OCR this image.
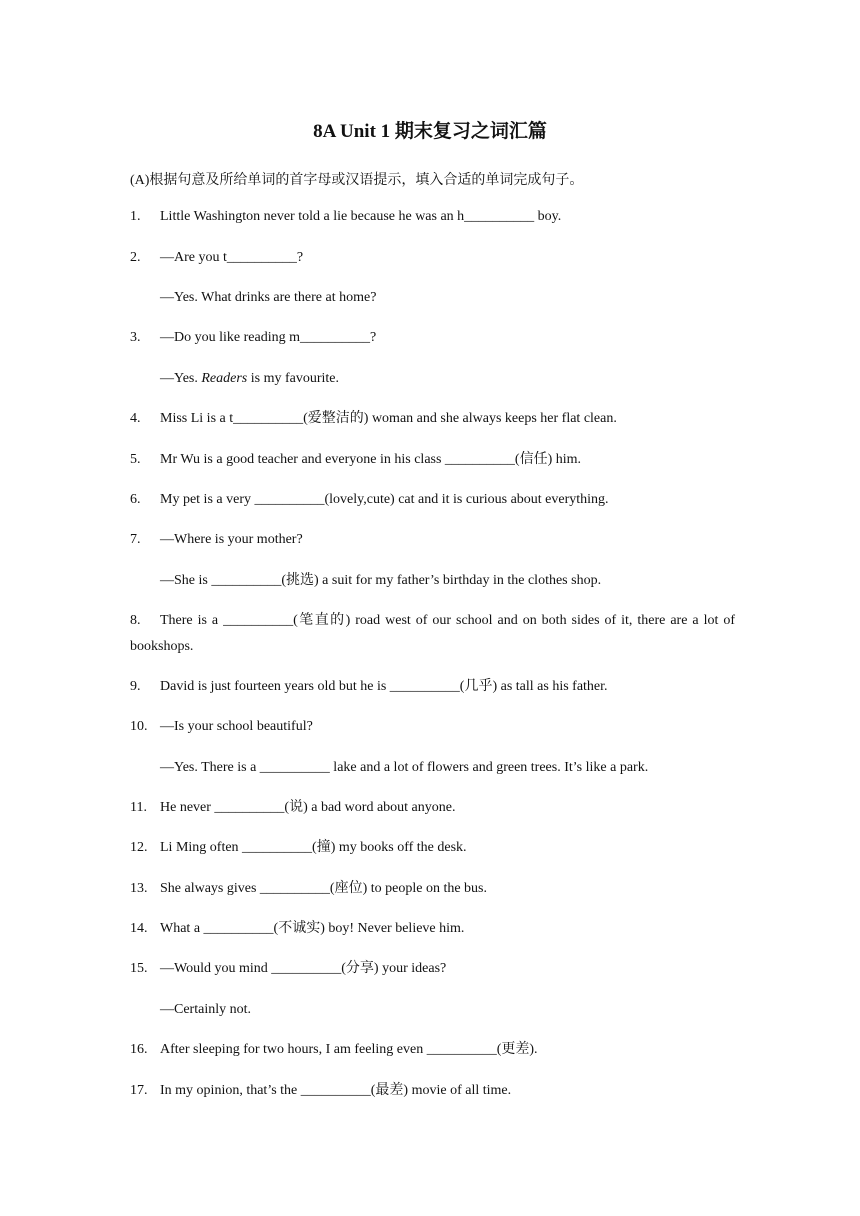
8A Unit 1 期末复习之词汇篇
(A)根据句意及所给单词的首字母或汉语提示，填入合适的单词完成句子。
1. Little Washington never told a lie because he was an h__________ boy.
2. —Are you t__________?
—Yes. What drinks are there at home?
3. —Do you like reading m__________?
—Yes. Readers is my favourite.
4. Miss Li is a t__________(爱整洁的) woman and she always keeps her flat clean.
5. Mr Wu is a good teacher and everyone in his class __________(信任) him.
6. My pet is a very __________(lovely,cute) cat and it is curious about everything.
7. —Where is your mother?
—She is __________(挑选) a suit for my father’s birthday in the clothes shop.
8. There is a __________(笔直的) road west of our school and on both sides of it, there are a lot of bookshops.
9. David is just fourteen years old but he is __________(几乎) as tall as his father.
10. —Is your school beautiful?
—Yes. There is a __________ lake and a lot of flowers and green trees. It’s like a park.
11. He never __________(说) a bad word about anyone.
12. Li Ming often __________(撞) my books off the desk.
13. She always gives __________(座位) to people on the bus.
14. What a __________(不诚实) boy! Never believe him.
15. —Would you mind __________(分享) your ideas?
—Certainly not.
16. After sleeping for two hours, I am feeling even __________(更差).
17. In my opinion, that’s the __________(最差) movie of all time.
